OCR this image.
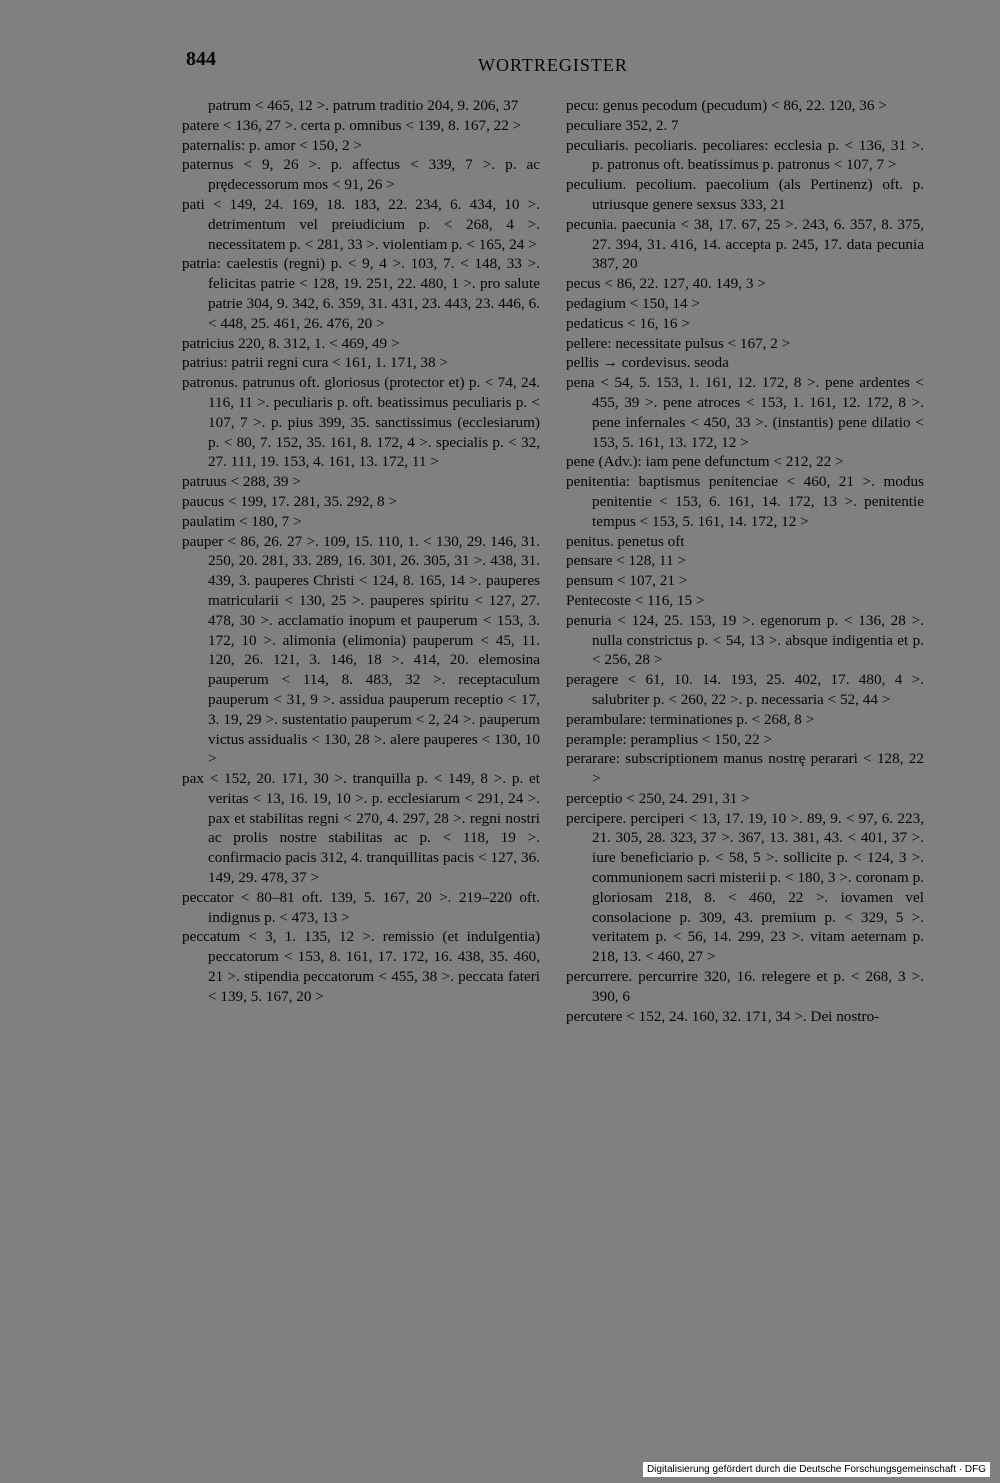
844	WORTREGISTER

patrum < 465, 12 >. patrum traditio 204, 9. 206, 37

patere < 136, 27 >. certa p. omnibus < 139, 8. 167, 22 >

paternalis: p. amor < 150, 2 >

paternus < 9, 26 >. p. affectus < 339, 7 >. p. ac prędecessorum mos < 91, 26 >

pati < 149, 24. 169, 18. 183, 22. 234, 6. 434, 10 >. detrimentum vel preiudicium p. < 268, 4 >. necessitatem p. < 281, 33 >. violentiam p. < 165, 24 >

patria: caelestis (regni) p. < 9, 4 >. 103, 7. < 148, 33 >. felicitas patrie < 128, 19. 251, 22. 480, 1 >. pro salute patrie 304, 9. 342, 6. 359, 31. 431, 23. 443, 23. 446, 6. < 448, 25. 461, 26. 476, 20 >

patricius 220, 8. 312, 1. < 469, 49 >

patrius: patrii regni cura < 161, 1. 171, 38 >

patronus. patrunus oft. gloriosus (protector et) p. < 74, 24. 116, 11 >. peculiaris p. oft. beatissimus peculiaris p. < 107, 7 >. p. pius 399, 35. sanctissimus (ecclesiarum) p. < 80, 7. 152, 35. 161, 8. 172, 4 >. specialis p. < 32, 27. 111, 19. 153, 4. 161, 13. 172, 11 >

patruus < 288, 39 >

paucus < 199, 17. 281, 35. 292, 8 >

paulatim < 180, 7 >

pauper < 86, 26. 27 >. 109, 15. 110, 1. < 130, 29. 146, 31. 250, 20. 281, 33. 289, 16. 301, 26. 305, 31 >. 438, 31. 439, 3. pauperes Christi < 124, 8. 165, 14 >. pauperes matricularii < 130, 25 >. pauperes spiritu < 127, 27. 478, 30 >. acclamatio inopum et pauperum < 153, 3. 172, 10 >. alimonia (elimonia) pauperum < 45, 11. 120, 26. 121, 3. 146, 18 >. 414, 20. elemosina pauperum < 114, 8. 483, 32 >. receptaculum pauperum < 31, 9 >. assidua pauperum receptio < 17, 3. 19, 29 >. sustentatio pauperum < 2, 24 >. pauperum victus assidualis < 130, 28 >. alere pauperes < 130, 10 >

pax < 152, 20. 171, 30 >. tranquilla p. < 149, 8 >. p. et veritas < 13, 16. 19, 10 >. p. ecclesiarum < 291, 24 >. pax et stabilitas regni < 270, 4. 297, 28 >. regni nostri ac prolis nostre stabilitas ac p. < 118, 19 >. confirmacio pacis 312, 4. tranquillitas pacis < 127, 36. 149, 29. 478, 37 >

peccator < 80–81 oft. 139, 5. 167, 20 >. 219–220 oft. indignus p. < 473, 13 >

peccatum < 3, 1. 135, 12 >. remissio (et indulgentia) peccatorum < 153, 8. 161, 17. 172, 16. 438, 35. 460, 21 >. stipendia peccatorum < 455, 38 >. peccata fateri < 139, 5. 167, 20 >

pecu: genus pecodum (pecudum) < 86, 22. 120, 36 >

peculiare 352, 2. 7

peculiaris. pecoliaris. pecoliares: ecclesia p. < 136, 31 >. p. patronus oft. beatissimus p. patronus < 107, 7 >

peculium. pecolium. paecolium (als Pertinenz) oft. p. utriusque genere sexsus 333, 21

pecunia. paecunia < 38, 17. 67, 25 >. 243, 6. 357, 8. 375, 27. 394, 31. 416, 14. accepta p. 245, 17. data pecunia 387, 20

pecus < 86, 22. 127, 40. 149, 3 >

pedagium < 150, 14 >

pedaticus < 16, 16 >

pellere: necessitate pulsus < 167, 2 >

pellis → cordevisus. seoda

pena < 54, 5. 153, 1. 161, 12. 172, 8 >. pene ardentes < 455, 39 >. pene atroces < 153, 1. 161, 12. 172, 8 >. pene infernales < 450, 33 >. (instantis) pene dilatio < 153, 5. 161, 13. 172, 12 >

pene (Adv.): iam pene defunctum < 212, 22 >

penitentia: baptismus penitenciae < 460, 21 >. modus penitentie < 153, 6. 161, 14. 172, 13 >. penitentie tempus < 153, 5. 161, 14. 172, 12 >

penitus. penetus oft

pensare < 128, 11 >

pensum < 107, 21 >

Pentecoste < 116, 15 >

penuria < 124, 25. 153, 19 >. egenorum p. < 136, 28 >. nulla constrictus p. < 54, 13 >. absque indigentia et p. < 256, 28 >

peragere < 61, 10. 14. 193, 25. 402, 17. 480, 4 >. salubriter p. < 260, 22 >. p. necessaria < 52, 44 >

perambulare: terminationes p. < 268, 8 >

perample: peramplius < 150, 22 >

perarare: subscriptionem manus nostrę perarari < 128, 22 >

perceptio < 250, 24. 291, 31 >

percipere. perciperi < 13, 17. 19, 10 >. 89, 9. < 97, 6. 223, 21. 305, 28. 323, 37 >. 367, 13. 381, 43. < 401, 37 >. iure beneficiario p. < 58, 5 >. sollicite p. < 124, 3 >. communionem sacri misterii p. < 180, 3 >. coronam p. gloriosam 218, 8. < 460, 22 >. iovamen vel consolacione p. 309, 43. premium p. < 329, 5 >. veritatem p. < 56, 14. 299, 23 >. vitam aeternam p. 218, 13. < 460, 27 >

percurrere. percurrire 320, 16. relegere et p. < 268, 3 >. 390, 6

percutere < 152, 24. 160, 32. 171, 34 >. Dei nostro-

· · ·
Digitalisierung gefördert durch die Deutsche Forschungsgemeinschaft · DFG
